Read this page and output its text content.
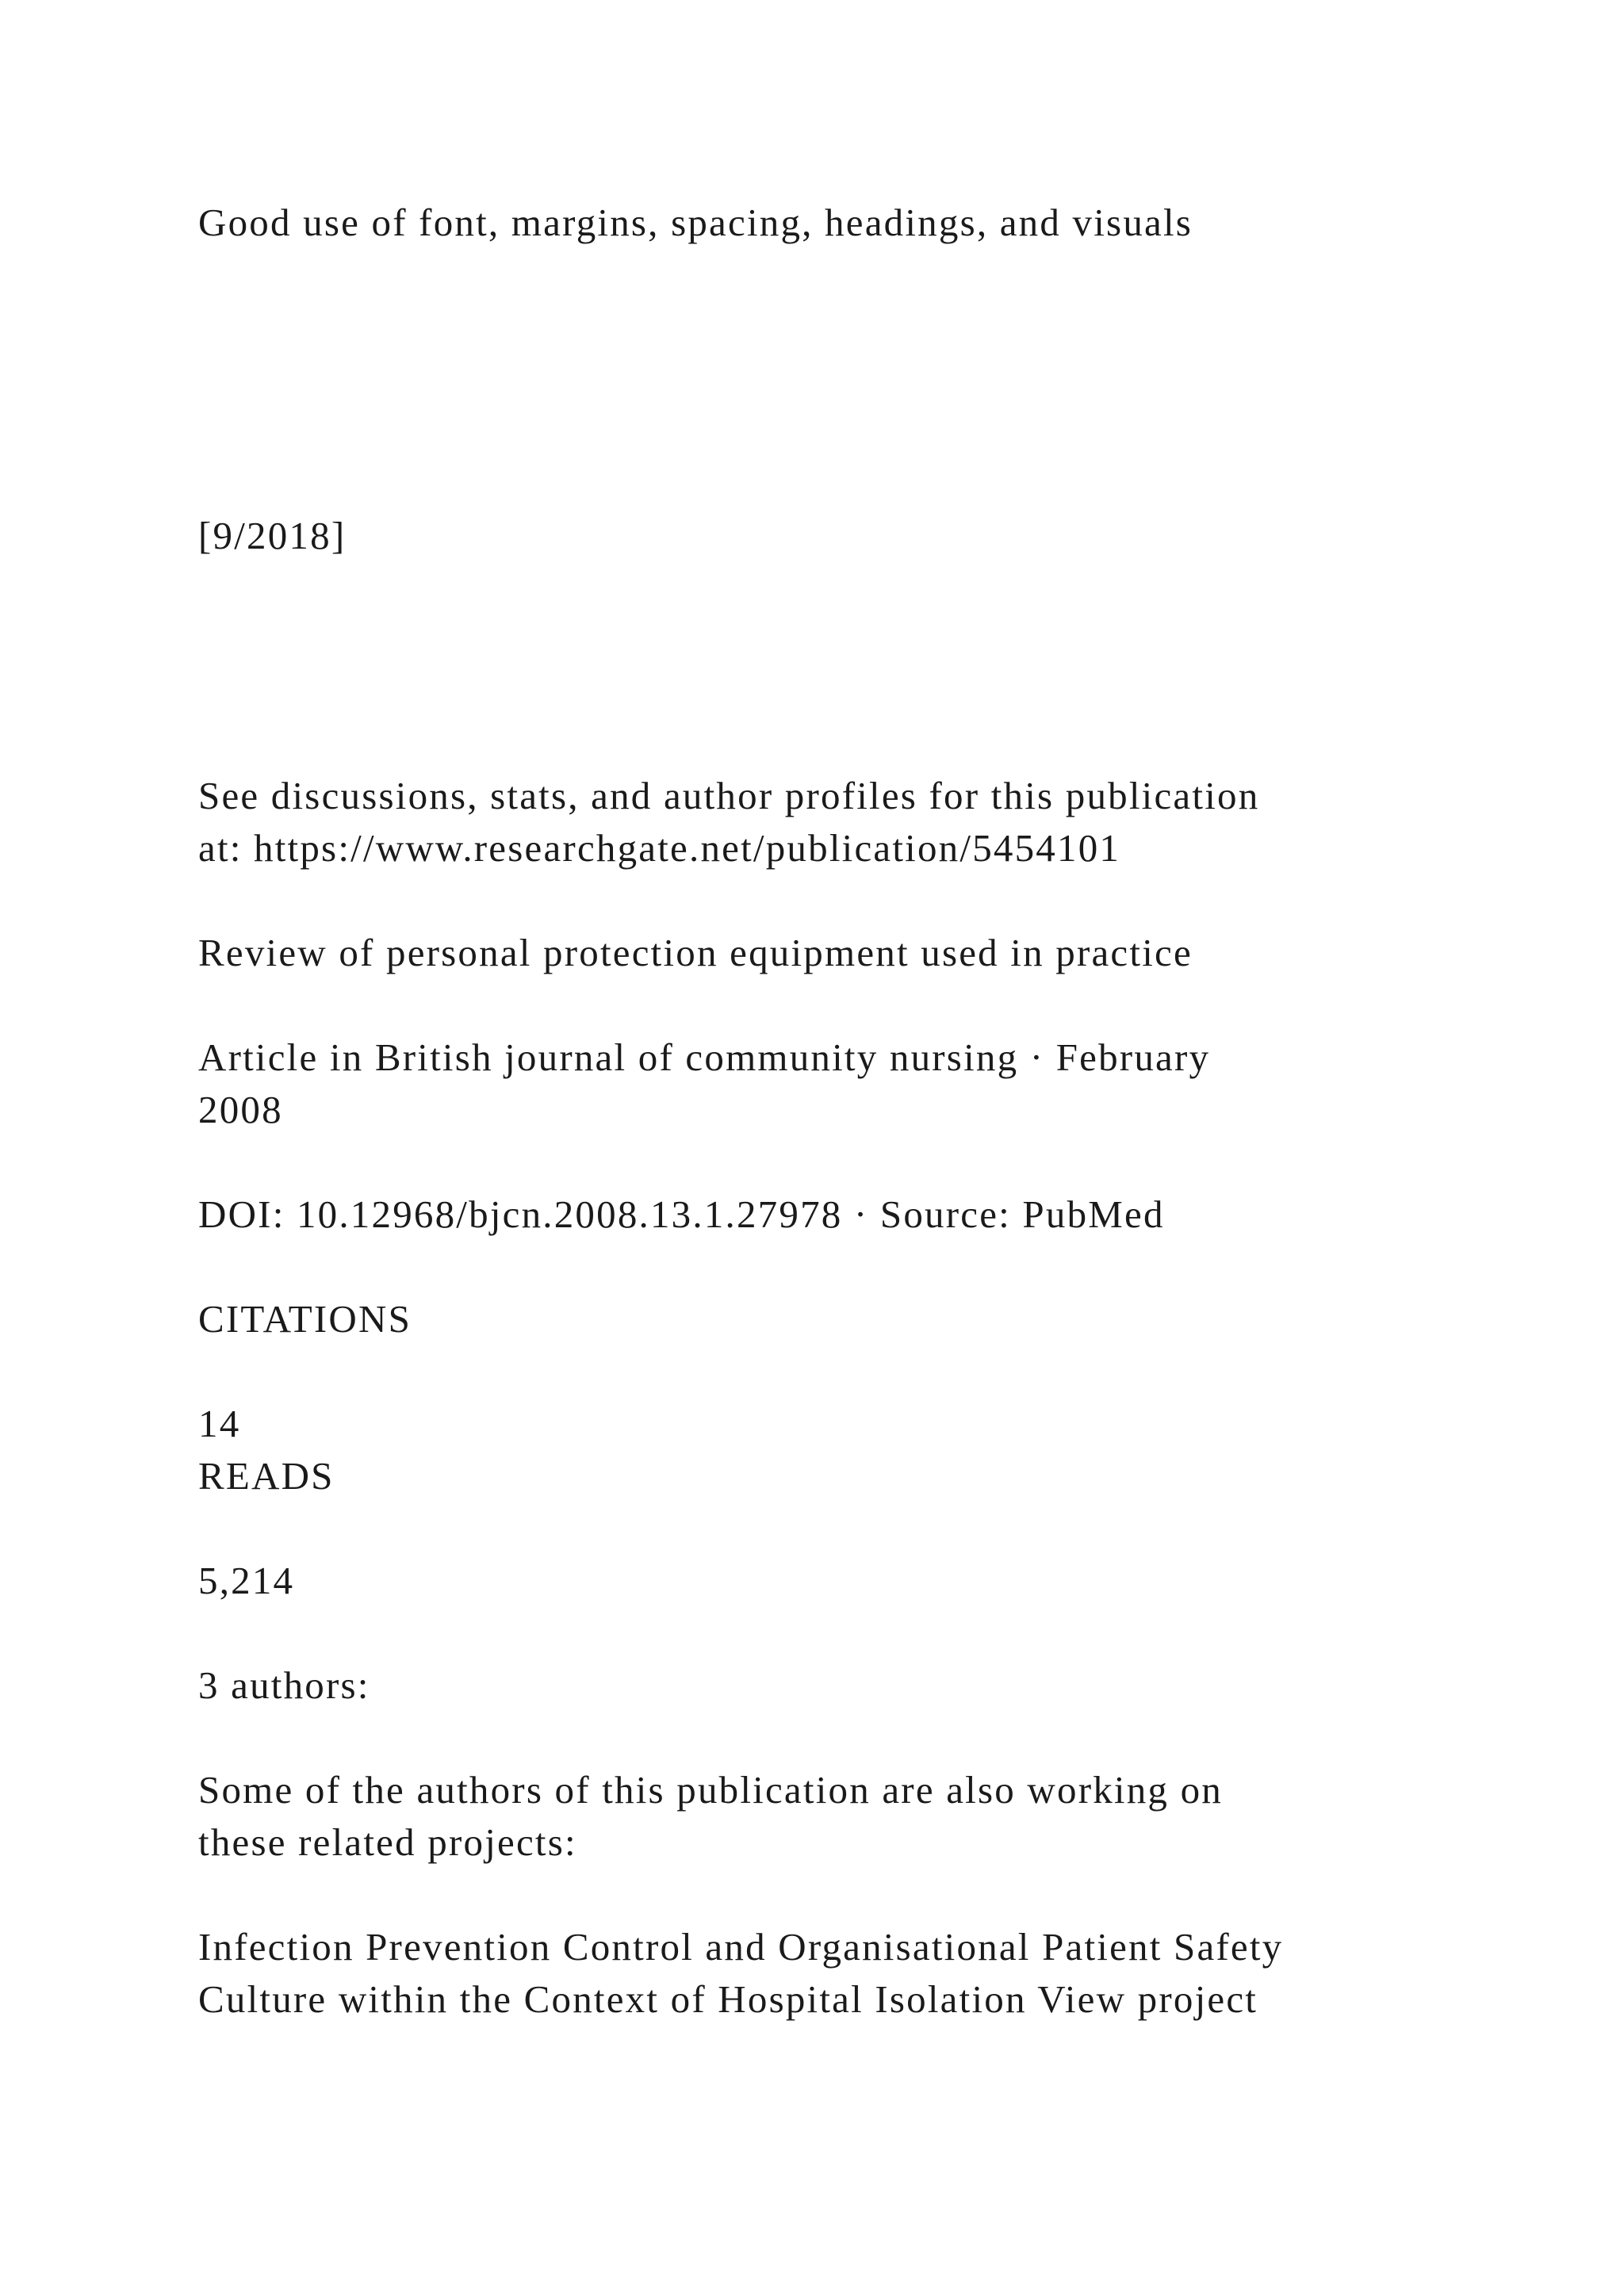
Good use of font, margins, spacing, headings, and visuals

[9/2018]

See discussions, stats, and author profiles for this publication

at: https://www.researchgate.net/publication/5454101

Review of personal protection equipment used in practice

Article in British journal of community nursing · February

2008

DOI: 10.12968/bjcn.2008.13.1.27978 · Source: PubMed

CITATIONS

14

READS

5,214

3 authors:

Some of the authors of this publication are also working on

these related projects:

Infection Prevention Control and Organisational Patient Safety

Culture within the Context of Hospital Isolation View project
